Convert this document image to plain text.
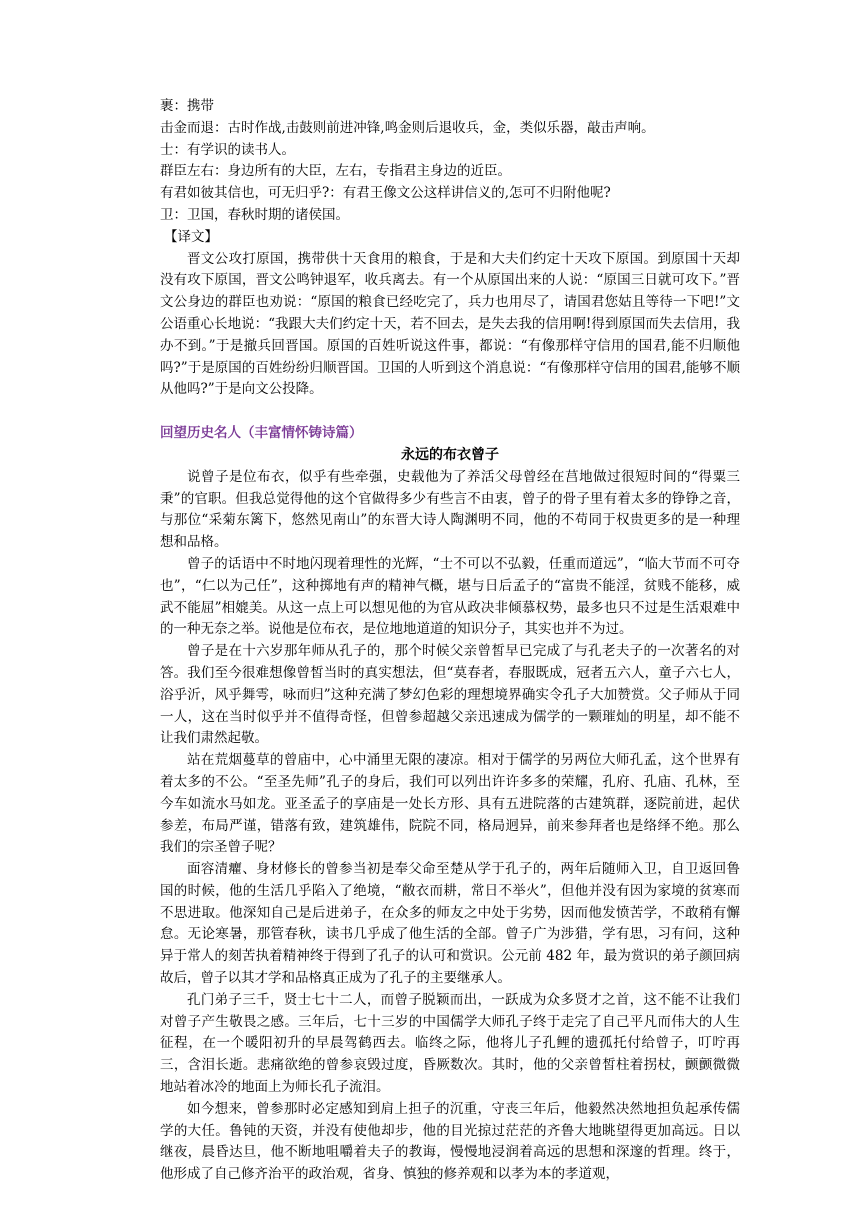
裹：携带

击金而退：古时作战,击鼓则前进冲锋,鸣金则后退收兵，金，类似乐器，敲击声响。

士：有学识的读书人。

群臣左右：身边所有的大臣，左右，专指君主身边的近臣。

有君如彼其信也，可无归乎?：有君王像文公这样讲信义的,怎可不归附他呢?

卫：卫国，春秋时期的诸侯国。

【译文】

晋文公攻打原国，携带供十天食用的粮食，于是和大夫们约定十天攻下原国。到原国十天却没有攻下原国，晋文公鸣钟退军，收兵离去。有一个从原国出来的人说：“原国三日就可攻下。”晋文公身边的群臣也劝说：“原国的粮食已经吃完了，兵力也用尽了，请国君您姑且等待一下吧!”文公语重心长地说：“我跟大夫们约定十天，若不回去，是失去我的信用啊!得到原国而失去信用，我办不到。”于是撤兵回晋国。原国的百姓听说这件事，都说：“有像那样守信用的国君,能不归顺他吗?”于是原国的百姓纷纷归顺晋国。卫国的人听到这个消息说：“有像那样守信用的国君,能够不顺从他吗?”于是向文公投降。

回望历史名人（丰富情怀铸诗篇）

永远的布衣曾子

说曾子是位布衣，似乎有些牵强，史载他为了养活父母曾经在莒地做过很短时间的“得粟三秉”的官职。但我总觉得他的这个官做得多少有些言不由衷，曾子的骨子里有着太多的铮铮之音，与那位“采菊东篱下，悠然见南山”的东晋大诗人陶渊明不同，他的不苟同于权贵更多的是一种理想和品格。

曾子的话语中不时地闪现着理性的光辉，“士不可以不弘毅，任重而道远”，“临大节而不可夺也”，“仁以为己任”，这种掷地有声的精神气概，堪与日后孟子的“富贵不能淫，贫贱不能移，威武不能屈”相媲美。从这一点上可以想见他的为官从政决非倾慕权势，最多也只不过是生活艰难中的一种无奈之举。说他是位布衣，是位地地道道的知识分子，其实也并不为过。

曾子是在十六岁那年师从孔子的，那个时候父亲曾皙早已完成了与孔老夫子的一次著名的对答。我们至今很难想像曾皙当时的真实想法，但“莫春者，春服既成，冠者五六人，童子六七人，浴乎沂，风乎舞雩，咏而归”这种充满了梦幻色彩的理想境界确实令孔子大加赞赏。父子师从于同一人，这在当时似乎并不值得奇怪，但曾参超越父亲迅速成为儒学的一颗璀灿的明星，却不能不让我们肃然起敬。

站在荒烟蔓草的曾庙中，心中涌里无限的凄凉。相对于儒学的另两位大师孔孟，这个世界有着太多的不公。“至圣先师”孔子的身后，我们可以列出许许多多的荣耀，孔府、孔庙、孔林，至今车如流水马如龙。亚圣孟子的享庙是一处长方形、具有五进院落的古建筑群，逐院前进，起伏参差，布局严谨，错落有致，建筑雄伟，院院不同，格局迥异，前来参拜者也是络绎不绝。那么我们的宗圣曾子呢？

面容清癯、身材修长的曾参当初是奉父命至楚从学于孔子的，两年后随师入卫，自卫返回鲁国的时候，他的生活几乎陷入了绝境，“敝衣而耕，常日不举火”，但他并没有因为家境的贫寒而不思进取。他深知自己是后进弟子，在众多的师友之中处于劣势，因而他发愤苦学，不敢稍有懈怠。无论寒暑，那管春秋，读书几乎成了他生活的全部。曾子广为涉猎，学有思，习有问，这种异于常人的刻苦执着精神终于得到了孔子的认可和赏识。公元前 482 年，最为赏识的弟子颜回病故后，曾子以其才学和品格真正成为了孔子的主要继承人。

孔门弟子三千，贤士七十二人，而曾子脱颖而出，一跃成为众多贤才之首，这不能不让我们对曾子产生敬畏之感。三年后，七十三岁的中国儒学大师孔子终于走完了自己平凡而伟大的人生征程，在一个暖阳初升的早晨驾鹤西去。临终之际，他将儿子孔鲤的遗孤托付给曾子，叮咛再三，含泪长逝。悲痛欲绝的曾参哀毁过度，昏厥数次。其时，他的父亲曾皙柱着拐杖，颤颤微微地站着冰冷的地面上为师长孔子流泪。

如今想来，曾参那时必定感知到肩上担子的沉重，守丧三年后，他毅然决然地担负起承传儒学的大任。鲁钝的天资，并没有使他却步，他的目光掠过茫茫的齐鲁大地眺望得更加高远。日以继夜，晨昏达旦，他不断地咀嚼着夫子的教诲，慢慢地浸润着高远的思想和深邃的哲理。终于，他形成了自己修齐治平的政治观，省身、慎独的修养观和以孝为本的孝道观，
